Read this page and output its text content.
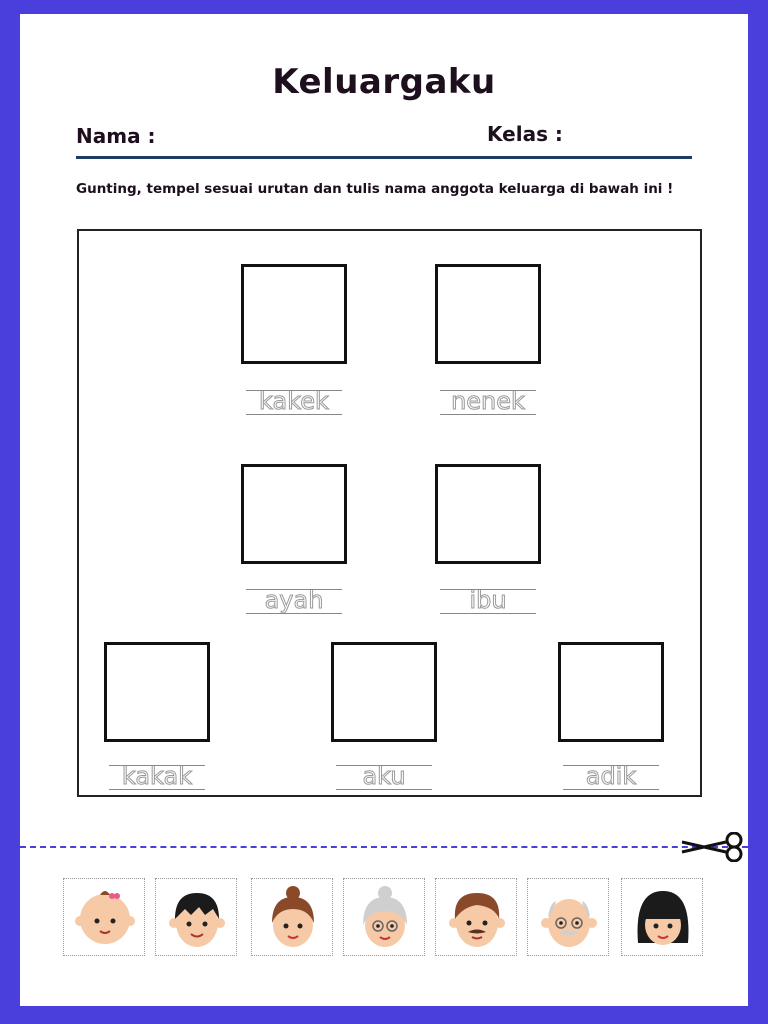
Keluargaku
Nama :	Kelas :
Gunting, tempel sesuai urutan dan tulis nama anggota keluarga di bawah ini !
kakek	nenek
ayah	ibu
kakak	aku	adik
